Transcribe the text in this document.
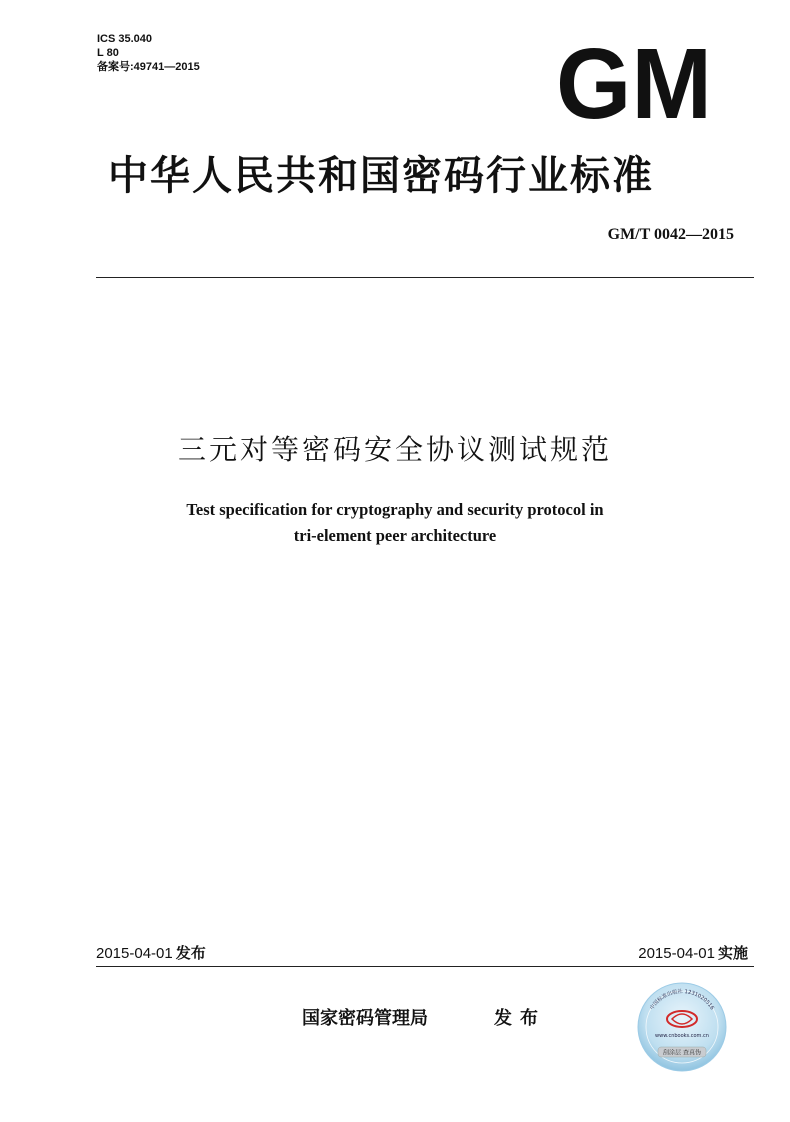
ICS 35.040
L 80
备案号:49741—2015	GM
中华人民共和国密码行业标准
GM/T 0042—2015
三元对等密码安全协议测试规范
Test specification for cryptography and security protocol in
tri-element peer architecture
2015-04-01 发布	2015-04-01 实施
国家密码管理局	发布
中国标准出版社 1231020516
www.cnbooks.com.cn
刮涂层 查真伪
